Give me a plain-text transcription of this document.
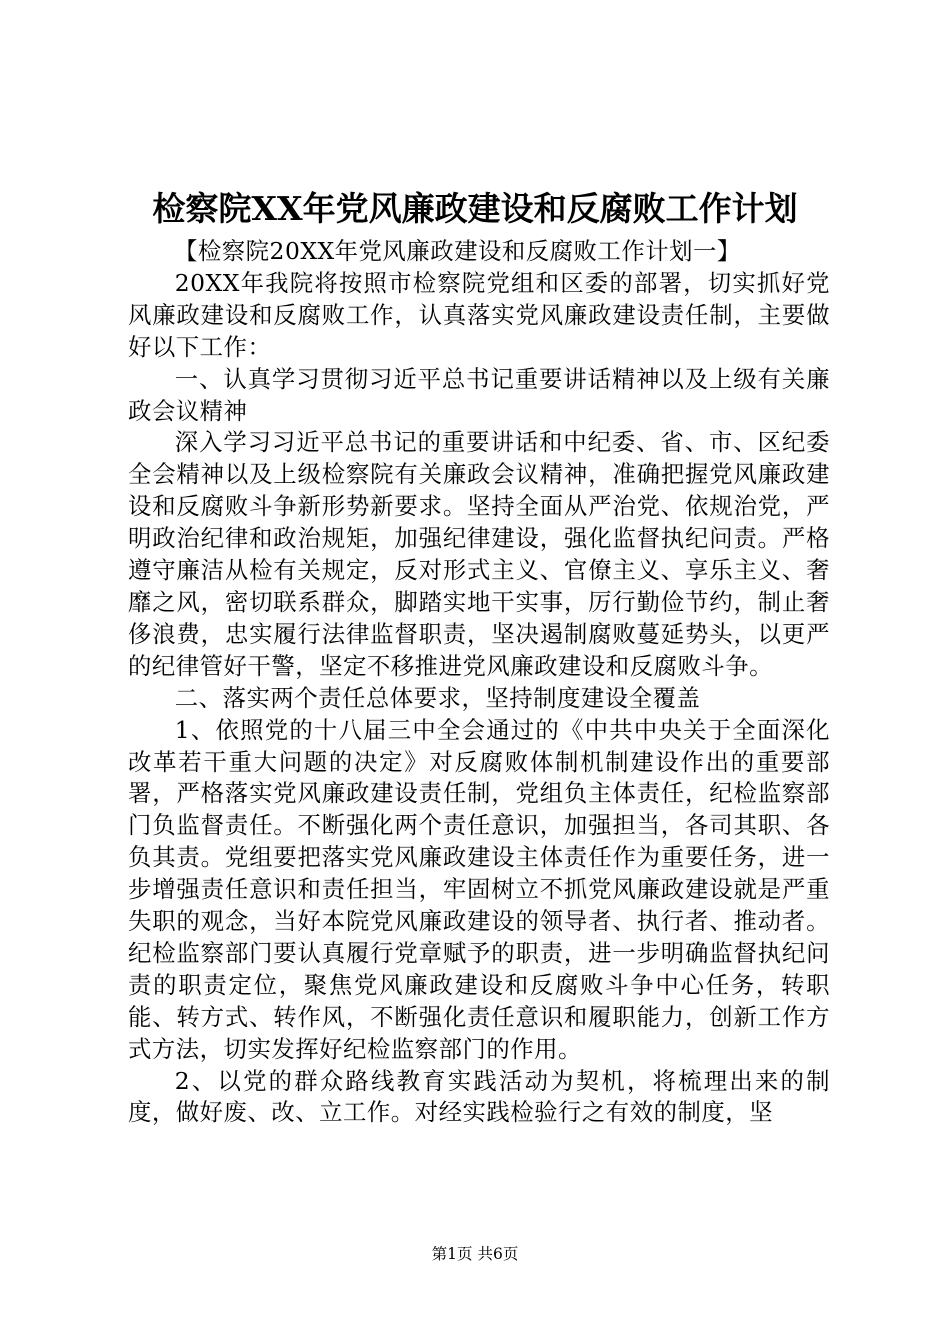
检察院XX年党风廉政建设和反腐败工作计划

【检察院20XX年党风廉政建设和反腐败工作计划一】

20XX年我院将按照市检察院党组和区委的部署，切实抓好党风廉政建设和反腐败工作，认真落实党风廉政建设责任制，主要做好以下工作：

一、认真学习贯彻习近平总书记重要讲话精神以及上级有关廉政会议精神

深入学习习近平总书记的重要讲话和中纪委、省、市、区纪委全会精神以及上级检察院有关廉政会议精神，准确把握党风廉政建设和反腐败斗争新形势新要求。坚持全面从严治党、依规治党，严明政治纪律和政治规矩，加强纪律建设，强化监督执纪问责。严格遵守廉洁从检有关规定，反对形式主义、官僚主义、享乐主义、奢靡之风，密切联系群众，脚踏实地干实事，厉行勤俭节约，制止奢侈浪费，忠实履行法律监督职责，坚决遏制腐败蔓延势头，以更严的纪律管好干警，坚定不移推进党风廉政建设和反腐败斗争。

二、落实两个责任总体要求，坚持制度建设全覆盖

1、依照党的十八届三中全会通过的《中共中央关于全面深化改革若干重大问题的决定》对反腐败体制机制建设作出的重要部署，严格落实党风廉政建设责任制，党组负主体责任，纪检监察部门负监督责任。不断强化两个责任意识，加强担当，各司其职、各负其责。党组要把落实党风廉政建设主体责任作为重要任务，进一步增强责任意识和责任担当，牢固树立不抓党风廉政建设就是严重失职的观念，当好本院党风廉政建设的领导者、执行者、推动者。纪检监察部门要认真履行党章赋予的职责，进一步明确监督执纪问责的职责定位，聚焦党风廉政建设和反腐败斗争中心任务，转职能、转方式、转作风，不断强化责任意识和履职能力，创新工作方式方法，切实发挥好纪检监察部门的作用。

2、以党的群众路线教育实践活动为契机，将梳理出来的制度，做好废、改、立工作。对经实践检验行之有效的制度，坚

第1页 共6页
